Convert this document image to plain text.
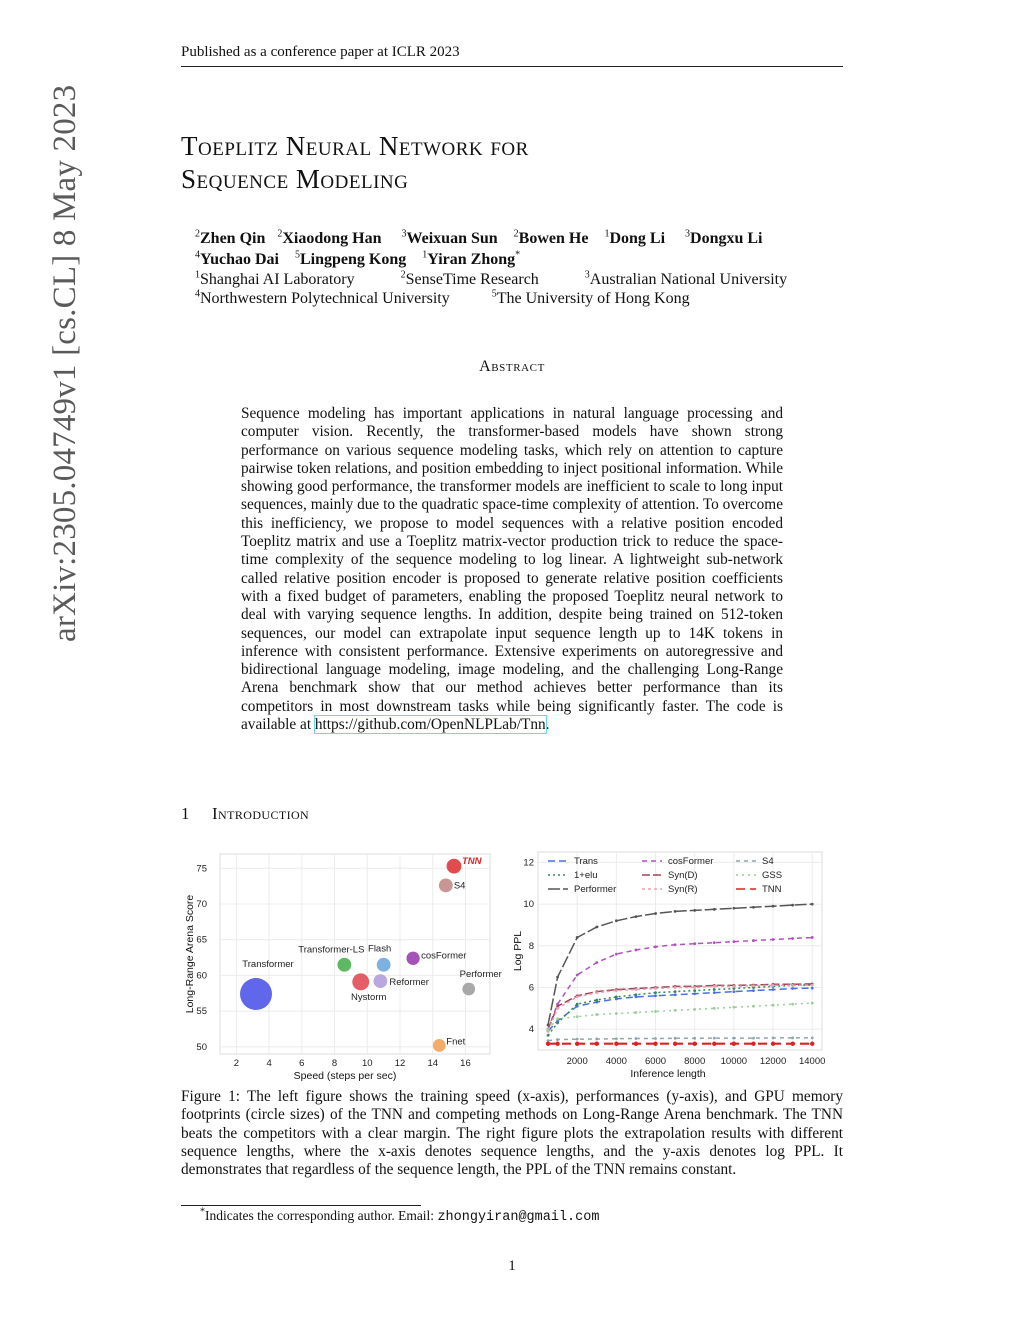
Published as a conference paper at ICLR 2023
arXiv:2305.04749v1 [cs.CL] 8 May 2023	Toeplitz Neural Network for
Sequence Modeling
$^2$Zhen Qin $^2$Xiaodong Han $^3$Weixuan Sun $^2$Bowen He $^1$Dong Li $^3$Dongxu Li
$^4$Yuchao Dai $^5$Lingpeng Kong $^1$Yiran Zhong*
$^1$Shanghai AI Laboratory	$^2$SenseTime Research	$^3$Australian National University
$^4$Northwestern Polytechnical University	$^5$The University of Hong Kong
Abstract
Sequence modeling has important applications in natural language processing and computer vision. Recently, the transformer-based models have shown strong performance on various sequence modeling tasks, which rely on attention to capture pairwise token relations, and position embedding to inject positional information. While showing good performance, the transformer models are inefficient to scale to long input sequences, mainly due to the quadratic space-time complexity of attention. To overcome this inefficiency, we propose to model sequences with a relative position encoded Toeplitz matrix and use a Toeplitz matrix-vector production trick to reduce the space-time complexity of the sequence modeling to log linear. A lightweight sub-network called relative position encoder is proposed to generate relative position coefficients with a fixed budget of parameters, enabling the proposed Toeplitz neural network to deal with varying sequence lengths. In addition, despite being trained on 512-token sequences, our model can extrapolate input sequence length up to 14K tokens in inference with consistent performance. Extensive experiments on autoregressive and bidirectional language modeling, image modeling, and the challenging Long-Range Arena benchmark show that our method achieves better performance than its competitors in most downstream tasks while being significantly faster. The code is available at https://github.com/OpenNLPLab/Tnn.
1 Introduction
2	4	6	8	10 12 14 16
50
55
60
65
70
75
Speed (steps per sec)
Long-Range Arena Score
TNN
S4
Transformer-LS Flash
cosFormer
Transformer
Nystorm
Reformer
Performer
Fnet
2000 4000 6000 8000 10000 12000 14000
4
6
8
10
12
Inference length
Log PPL
Trans
1+elu
Performer
cosFormer
Syn(D)
Syn(R)
S4
GSS
TNN
Figure 1: The left figure shows the training speed (x-axis), performances (y-axis), and GPU memory footprints (circle sizes) of the TNN and competing methods on Long-Range Arena benchmark. The TNN beats the competitors with a clear margin. The right figure plots the extrapolation results with different sequence lengths, where the x-axis denotes sequence lengths, and the y-axis denotes log PPL. It demonstrates that regardless of the sequence length, the PPL of the TNN remains constant.
*Indicates the corresponding author. Email: zhongyiran@gmail.com
1
